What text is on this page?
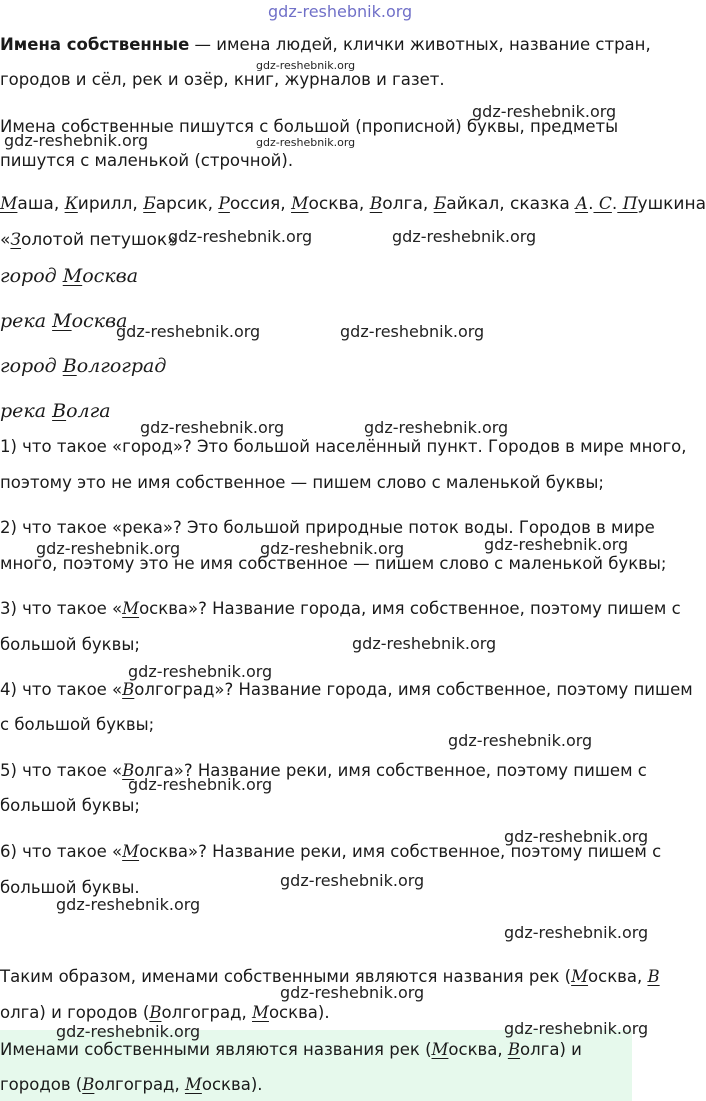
gdz-reshebnik.org
Имена собственные — имена людей, клички животных, название стран,
городов и сёл, рек и озёр, книг, журналов и газет.
Имена собственные пишутся с большой (прописной) буквы, предметы
пишутся с маленькой (строчной).
Маша, Кирилл, Барсик, Россия, Москва, Волга, Байкал, сказка А. С. Пушкина
«Золотой петушок»
город Москва
река Москва
город Волгоград
река Волга
1) что такое «город»? Это большой населённый пункт. Городов в мире много,
поэтому это не имя собственное — пишем слово с маленькой буквы;
2) что такое «река»? Это большой природные поток воды. Городов в мире
много, поэтому это не имя собственное — пишем слово с маленькой буквы;
3) что такое «Москва»? Название города, имя собственное, поэтому пишем с
большой буквы;
4) что такое «Волгоград»? Название города, имя собственное, поэтому пишем
с большой буквы;
5) что такое «Волга»? Название реки, имя собственное, поэтому пишем с
большой буквы;
6) что такое «Москва»? Название реки, имя собственное, поэтому пишем с
большой буквы.
Таким образом, именами собственными являются названия рек (Москва, В
олга) и городов (Волгоград, Москва).
Именами собственными являются названия рек (Москва, Волга) и
городов (Волгоград, Москва).
gdz-reshebnik.org
gdz-reshebnik.org
gdz-reshebnik.org
gdz-reshebnik.org
gdz-reshebnik.org	gdz-reshebnik.org
gdz-reshebnik.org	gdz-reshebnik.org
gdz-reshebnik.org	gdz-reshebnik.org
gdz-reshebnik.org	gdz-reshebnik.org	gdz-reshebnik.org
gdz-reshebnik.org
gdz-reshebnik.org
gdz-reshebnik.org
gdz-reshebnik.org
gdz-reshebnik.org
gdz-reshebnik.org
gdz-reshebnik.org
gdz-reshebnik.org
gdz-reshebnik.org
gdz-reshebnik.org	gdz-reshebnik.org
